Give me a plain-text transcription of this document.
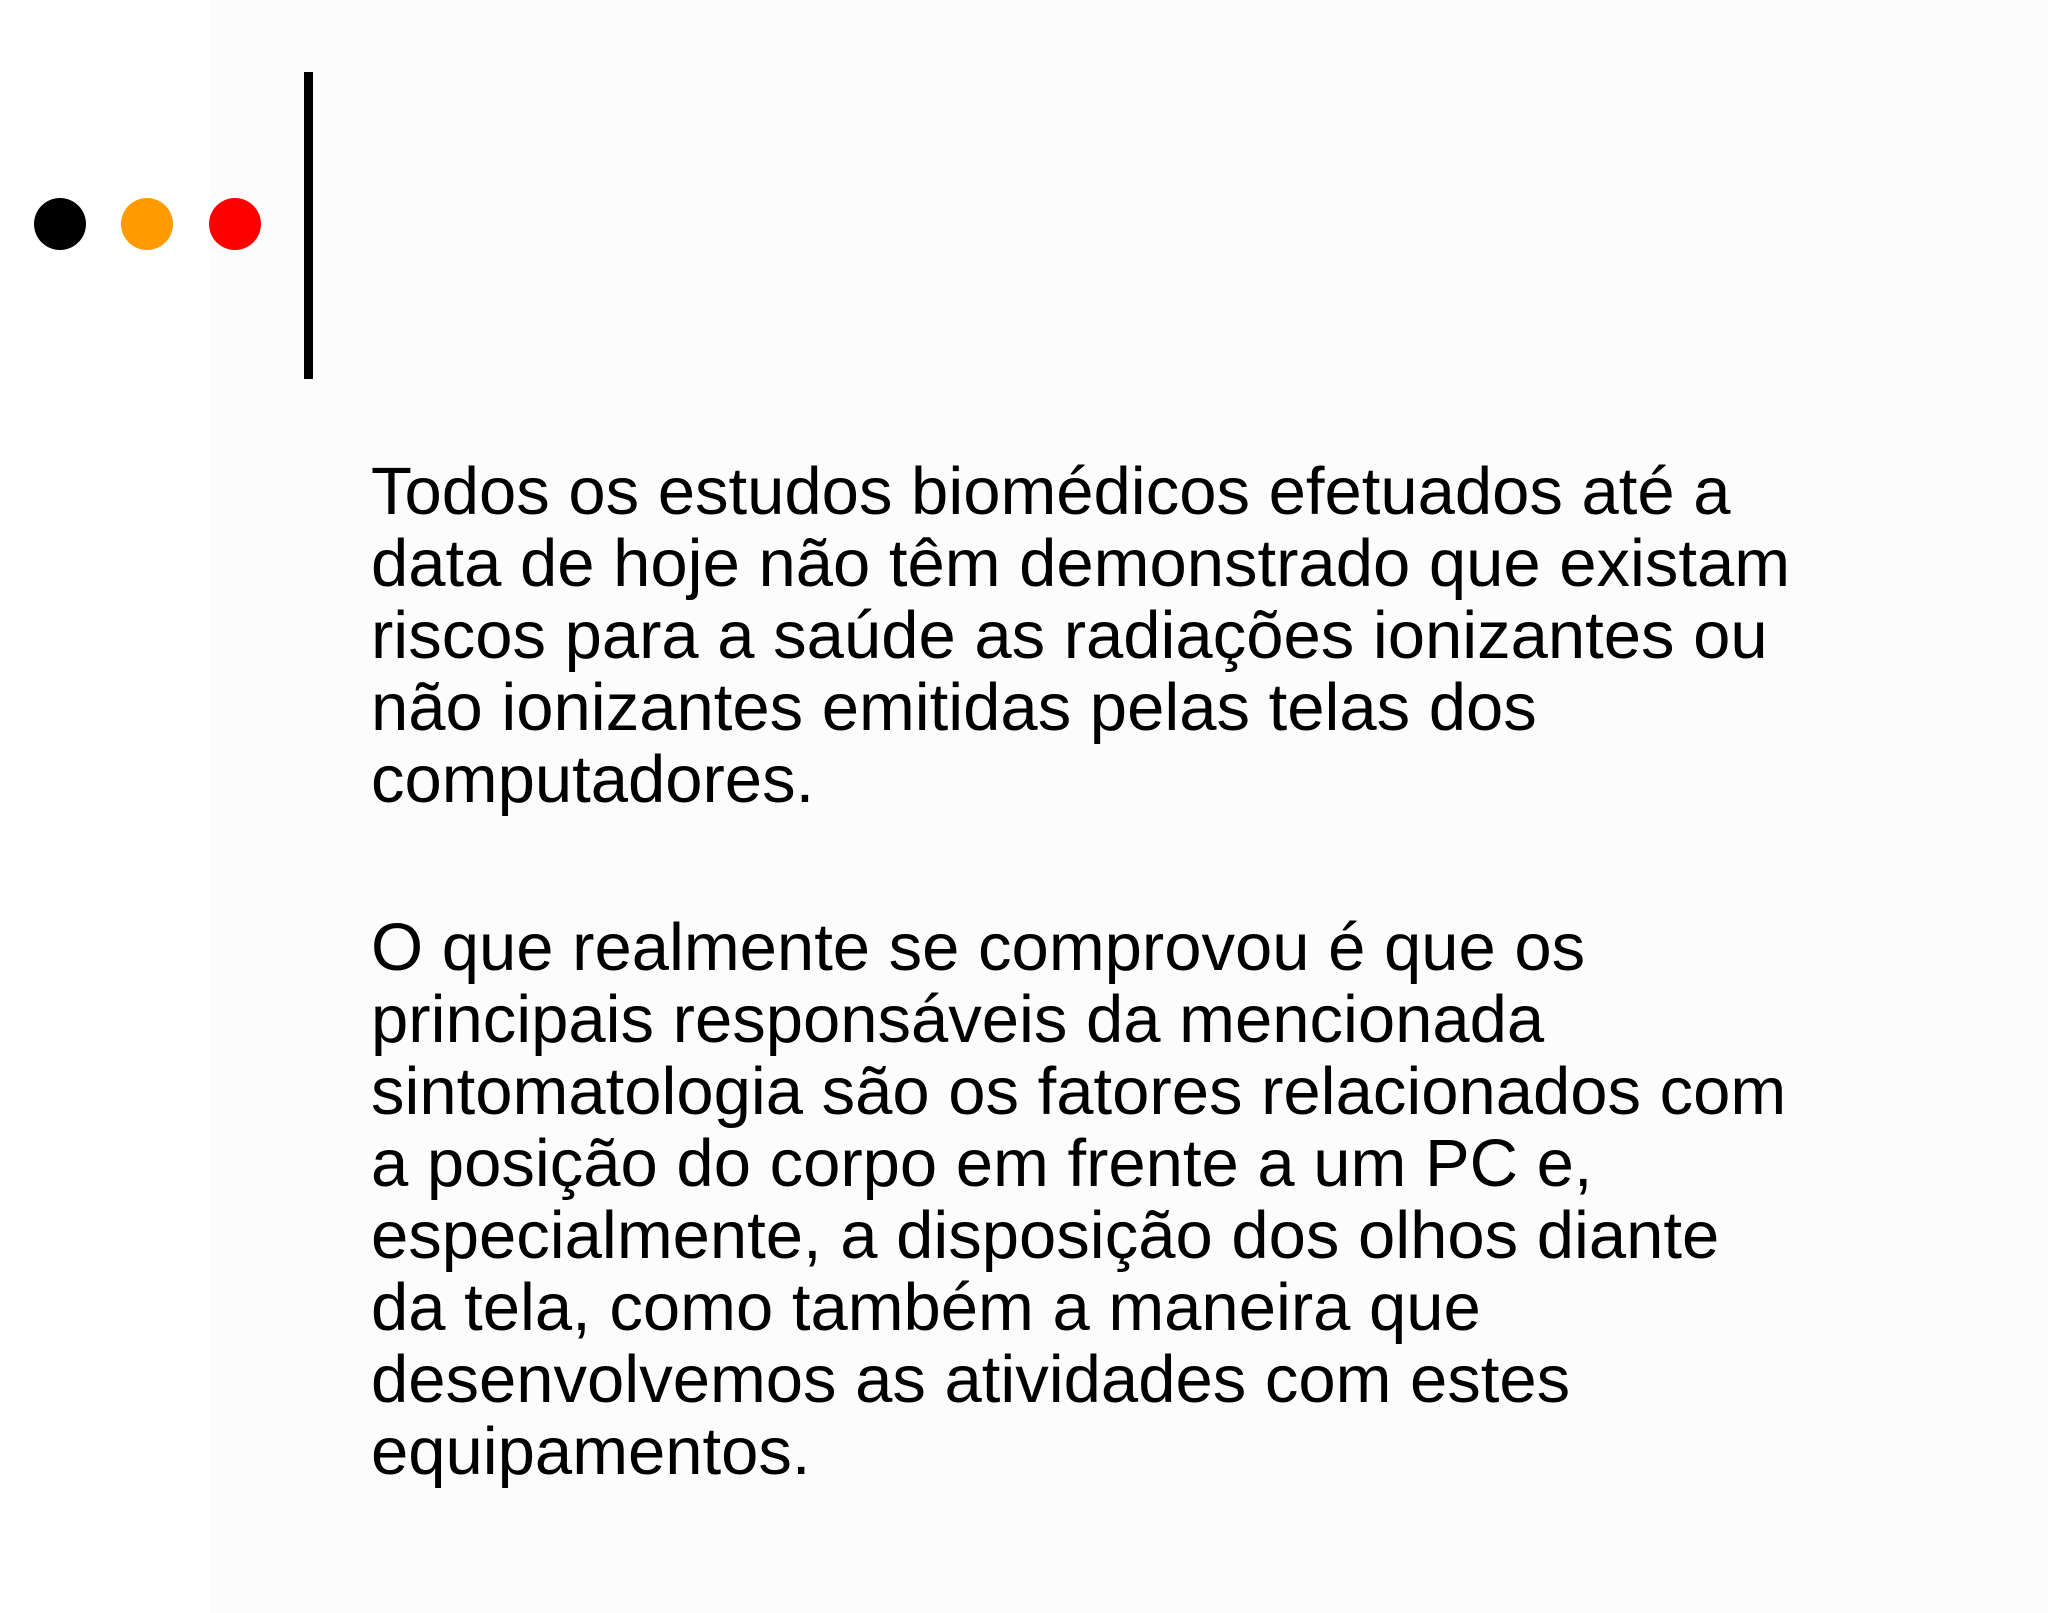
Todos os estudos biomédicos efetuados até a
data de hoje não têm demonstrado que existam
riscos para a saúde as radiações ionizantes ou
não ionizantes emitidas pelas telas dos
computadores.

O que realmente se comprovou é que os
principais responsáveis da mencionada
sintomatologia são os fatores relacionados com
a posição do corpo em frente a um PC e,
especialmente, a disposição dos olhos diante
da tela, como também a maneira que
desenvolvemos as atividades com estes
equipamentos.
